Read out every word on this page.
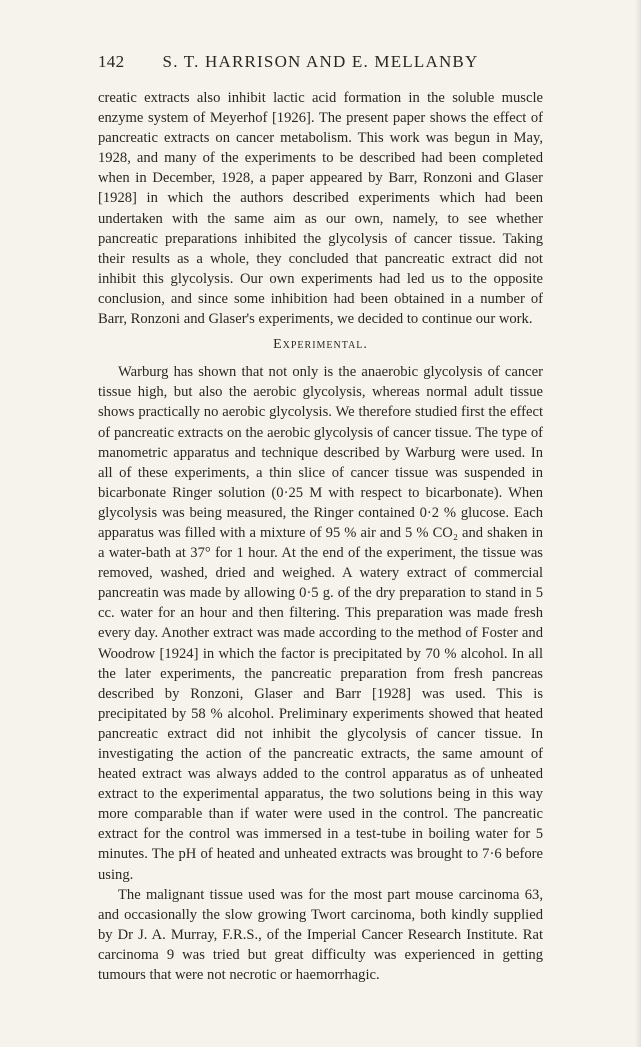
142	S. T. HARRISON AND E. MELLANBY

creatic extracts also inhibit lactic acid formation in the soluble muscle enzyme system of Meyerhof [1926]. The present paper shows the effect of pancreatic extracts on cancer metabolism. This work was begun in May, 1928, and many of the experiments to be described had been completed when in December, 1928, a paper appeared by Barr, Ronzoni and Glaser [1928] in which the authors described experiments which had been undertaken with the same aim as our own, namely, to see whether pancreatic preparations inhibited the glycolysis of cancer tissue. Taking their results as a whole, they concluded that pancreatic extract did not inhibit this glycolysis. Our own experiments had led us to the opposite conclusion, and since some inhibition had been obtained in a number of Barr, Ronzoni and Glaser's experiments, we decided to continue our work.

Experimental.

Warburg has shown that not only is the anaerobic glycolysis of cancer tissue high, but also the aerobic glycolysis, whereas normal adult tissue shows practically no aerobic glycolysis. We therefore studied first the effect of pancreatic extracts on the aerobic glycolysis of cancer tissue. The type of manometric apparatus and technique described by Warburg were used. In all of these experiments, a thin slice of cancer tissue was suspended in bicarbonate Ringer solution (0·25 M with respect to bicarbonate). When glycolysis was being measured, the Ringer contained 0·2 % glucose. Each apparatus was filled with a mixture of 95 % air and 5 % CO₂ and shaken in a water-bath at 37° for 1 hour. At the end of the experiment, the tissue was removed, washed, dried and weighed. A watery extract of commercial pancreatin was made by allowing 0·5 g. of the dry preparation to stand in 5 cc. water for an hour and then filtering. This preparation was made fresh every day. Another extract was made according to the method of Foster and Woodrow [1924] in which the factor is precipitated by 70 % alcohol. In all the later experiments, the pancreatic preparation from fresh pancreas described by Ronzoni, Glaser and Barr [1928] was used. This is precipitated by 58 % alcohol. Preliminary experiments showed that heated pancreatic extract did not inhibit the glycolysis of cancer tissue. In investigating the action of the pancreatic extracts, the same amount of heated extract was always added to the control apparatus as of unheated extract to the experimental apparatus, the two solutions being in this way more comparable than if water were used in the control. The pancreatic extract for the control was immersed in a test-tube in boiling water for 5 minutes. The pH of heated and unheated extracts was brought to 7·6 before using.

The malignant tissue used was for the most part mouse carcinoma 63, and occasionally the slow growing Twort carcinoma, both kindly supplied by Dr J. A. Murray, F.R.S., of the Imperial Cancer Research Institute. Rat carcinoma 9 was tried but great difficulty was experienced in getting tumours that were not necrotic or haemorrhagic.
